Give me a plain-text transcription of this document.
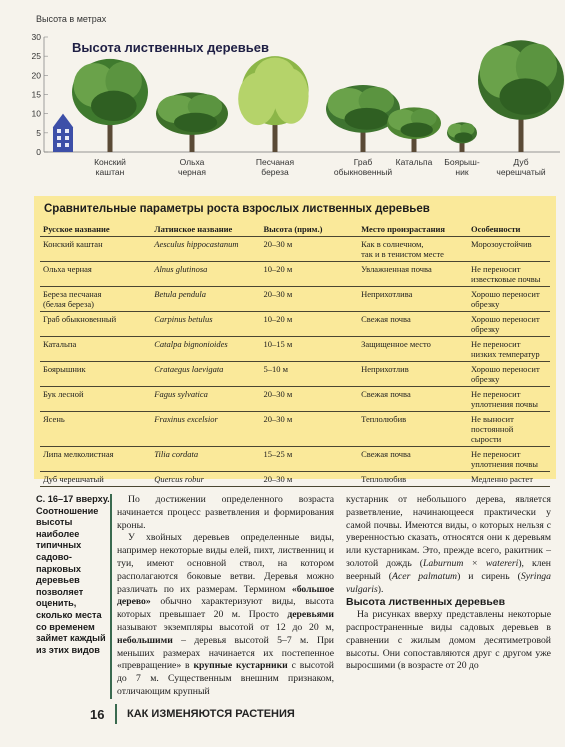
Высота в метрах
30
25
20
15
10
5
0
Высота лиственных деревьев
Конский
каштан
Ольха
черная
Песчаная
береза
Граб
обыкновенный
Катальпа	Боярыш-
ник
Дуб
черешчатый
Сравнительные параметры роста взрослых лиственных деревьев
Русское название	Латинское название	Высота (прим.)	Место произрастания	Особенности
Конский каштан	Aesculus hippocastanum	20–30 м	Как в солнечном,
так и в тенистом месте	Морозоустойчив
Ольха черная	Alnus glutinosa	10–20 м	Увлажненная почва	Не переносит
известковые почвы
Береза песчаная
(белая береза)	Betula pendula	20–30 м	Неприхотлива	Хорошо переносит
обрезку
Граб обыкновенный	Carpinus betulus	10–20 м	Свежая почва	Хорошо переносит
обрезку
Катальпа	Catalpa bignonioides	10–15 м	Защищенное место	Не переносит
низких температур
Боярышник	Crataegus laevigata	5–10 м	Неприхотлив	Хорошо переносит
обрезку
Бук лесной	Fagus sylvatica	20–30 м	Свежая почва	Не переносит
уплотнения почвы
Ясень	Fraxinus excelsior	20–30 м	Теплолюбив	Не выносит
постоянной
сырости
Липа мелколистная	Tilia cordata	15–25 м	Свежая почва	Не переносит
уплотнения почвы
Дуб черешчатый	Quercus robur	20–30 м	Теплолюбив	Медленно растет
С. 16–17 вверху. Соотношение высоты наиболее типичных садово-парковых деревьев позволяет оценить, сколько места со временем займет каждый из этих видов

По достижении определенного возраста начинается процесс разветвления и формирования кроны.

У хвойных деревьев определенные виды, например некоторые виды елей, пихт, лиственниц и туи, имеют основной ствол, на котором располагаются боковые ветви. Деревья можно различать по их размерам. Термином «большое дерево» обычно характеризуют виды, высота которых превышает 20 м. Просто деревьями называют экземпляры высотой от 12 до 20 м, небольшими – деревья высотой 5–7 м. При меньших размерах начинается их постепенное «превращение» в крупные кустарники с высотой до 7 м. Существенным внешним признаком, отличающим крупный

кустарник от небольшого дерева, является разветвление, начинающееся практически у самой почвы. Имеются виды, о которых нельзя с уверенностью сказать, относятся они к деревьям или кустарникам. Это, прежде всего, ракитник – золотой дождь (Laburnum × watereri), клен веерный (Acer palmatum) и сирень (Syringa vulgaris).

Высота лиственных деревьев

На рисунках вверху представлены некоторые распространенные виды садовых деревьев в сравнении с жилым домом десятиметровой высоты. Они сопоставляются друг с другом уже выросшими (в возрасте от 20 до

16 КАК ИЗМЕНЯЮТСЯ РАСТЕНИЯ
